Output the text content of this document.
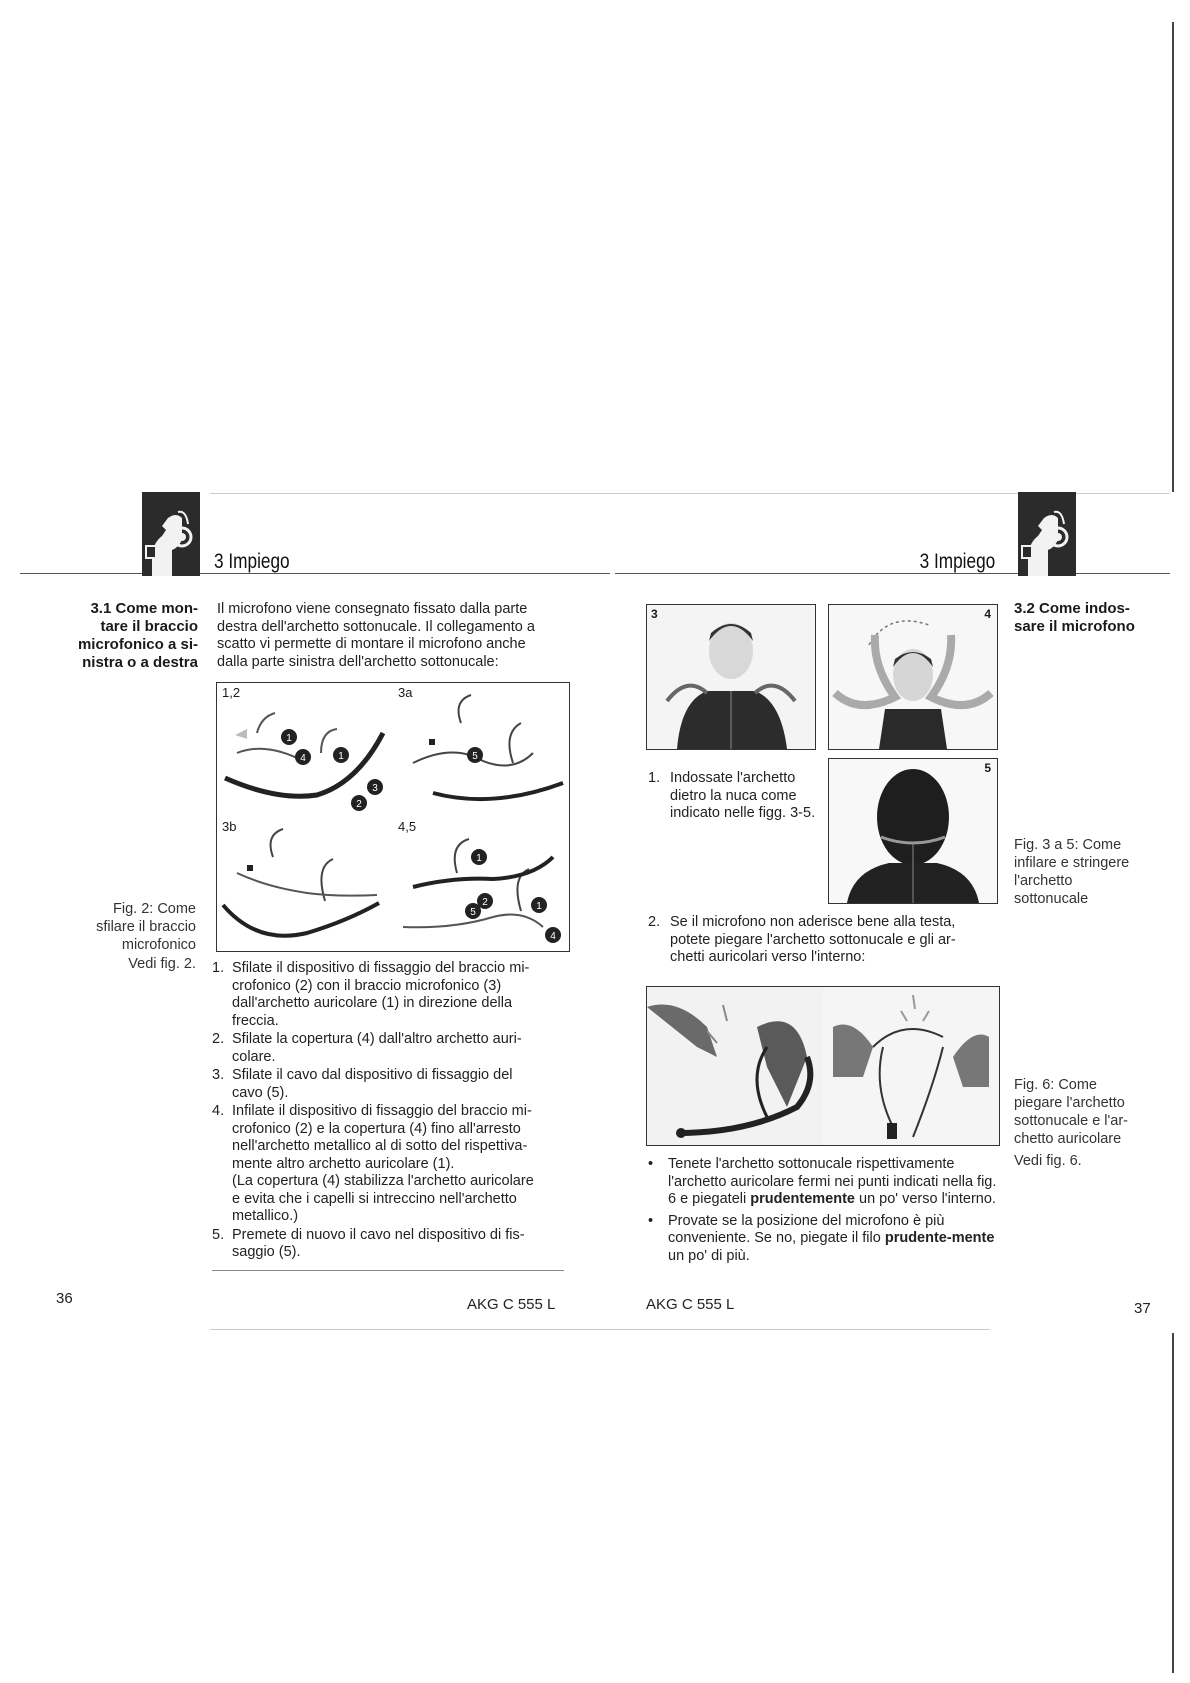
3 Impiego	3 Impiego
3.1 Come mon-
tare il braccio
microfonico a si-
nistra o a destra
Il microfono viene consegnato fissato dalla parte
destra dell'archetto sottonucale. Il collegamento a
scatto vi permette di montare il microfono anche
dalla parte sinistra dell'archetto sottonucale:
1,2
1
4	1
3
2
3a
5
3b	4,5
1
2
5
1
4
Fig. 2: Come
sfilare il braccio
microfonico
Vedi fig. 2. 1. Sfilate il dispositivo di fissaggio del braccio mi-
crofonico (2) con il braccio microfonico (3)
dall'archetto auricolare (1) in direzione della
freccia.
2. Sfilate la copertura (4) dall'altro archetto auri-
colare.
3. Sfilate il cavo dal dispositivo di fissaggio del
cavo (5).
4. Infilate il dispositivo di fissaggio del braccio mi-
crofonico (2) e la copertura (4) fino all'arresto
nell'archetto metallico al di sotto del rispettiva-
mente altro archetto auricolare (1).
(La copertura (4) stabilizza l'archetto auricolare
e evita che i capelli si intreccino nell'archetto
metallico.)
5. Premete di nuovo il cavo nel dispositivo di fis-
saggio (5).
36	AKG C 555 L
3.2 Come indos-
sare il microfono
3	4
1. Indossate l'archetto
dietro la nuca come
indicato nelle figg. 3-5.
5
Fig. 3 a 5: Come
infilare e stringere
l'archetto
sottonucale
2. Se il microfono non aderisce bene alla testa,
potete piegare l'archetto sottonucale e gli ar-
chetti auricolari verso l'interno:
Fig. 6: Come
piegare l'archetto
sottonucale e l'ar-
chetto auricolare
Vedi fig. 6.
• Tenete l'archetto sottonucale rispettivamente l'archetto auricolare fermi nei punti indicati nella fig. 6 e piegateli prudentemente un po' verso l'interno.
• Provate se la posizione del microfono è più conveniente. Se no, piegate il filo prudente-mente un po' di più.
AKG C 555 L	37
